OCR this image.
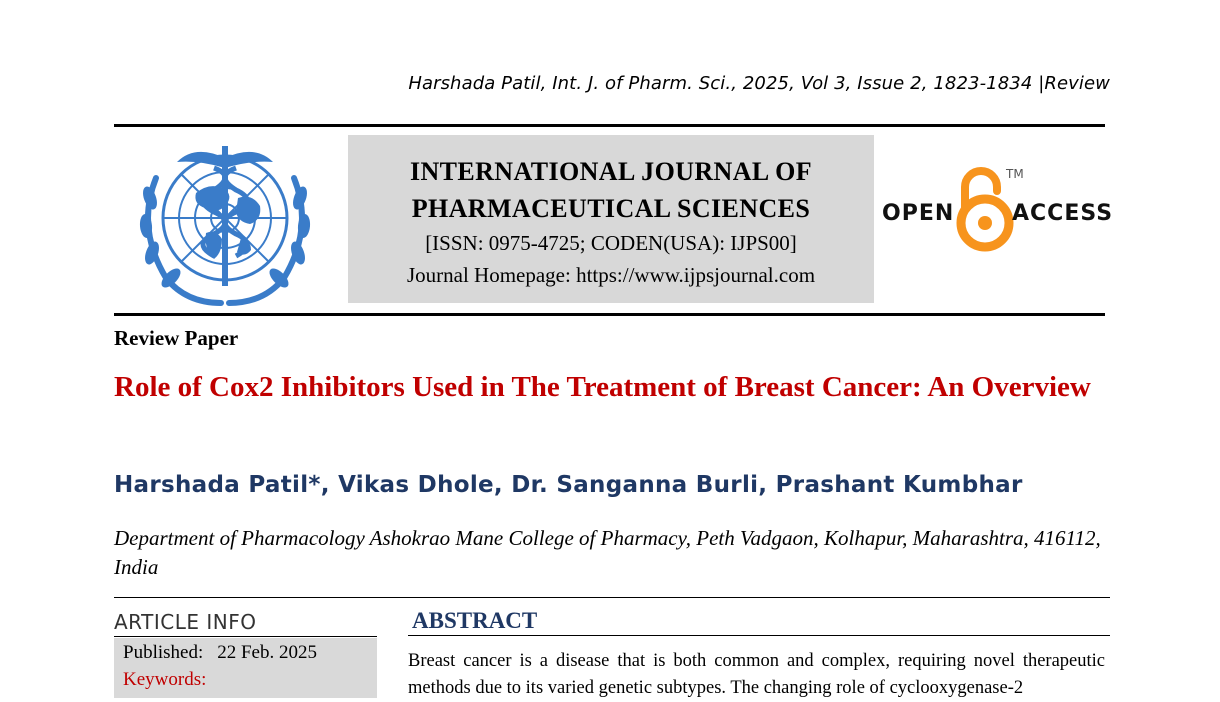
Harshada Patil, Int. J. of Pharm. Sci., 2025, Vol 3, Issue 2, 1823-1834 |Review
INTERNATIONAL JOURNAL OF
PHARMACEUTICAL SCIENCES
[ISSN: 0975-4725; CODEN(USA): IJPS00]
Journal Homepage: https://www.ijpsjournal.com
OPEN
TM
ACCESS
Review Paper
Role of Cox2 Inhibitors Used in The Treatment of Breast Cancer: An Overview
Harshada Patil*, Vikas Dhole, Dr. Sanganna Burli, Prashant Kumbhar
Department of Pharmacology Ashokrao Mane College of Pharmacy, Peth Vadgaon, Kolhapur, Maharashtra, 416112, India
ARTICLE INFO
Published: 22 Feb. 2025
Keywords:
ABSTRACT
Breast cancer is a disease that is both common and complex, requiring novel therapeutic methods due to its varied genetic subtypes. The changing role of cyclooxygenase-2
